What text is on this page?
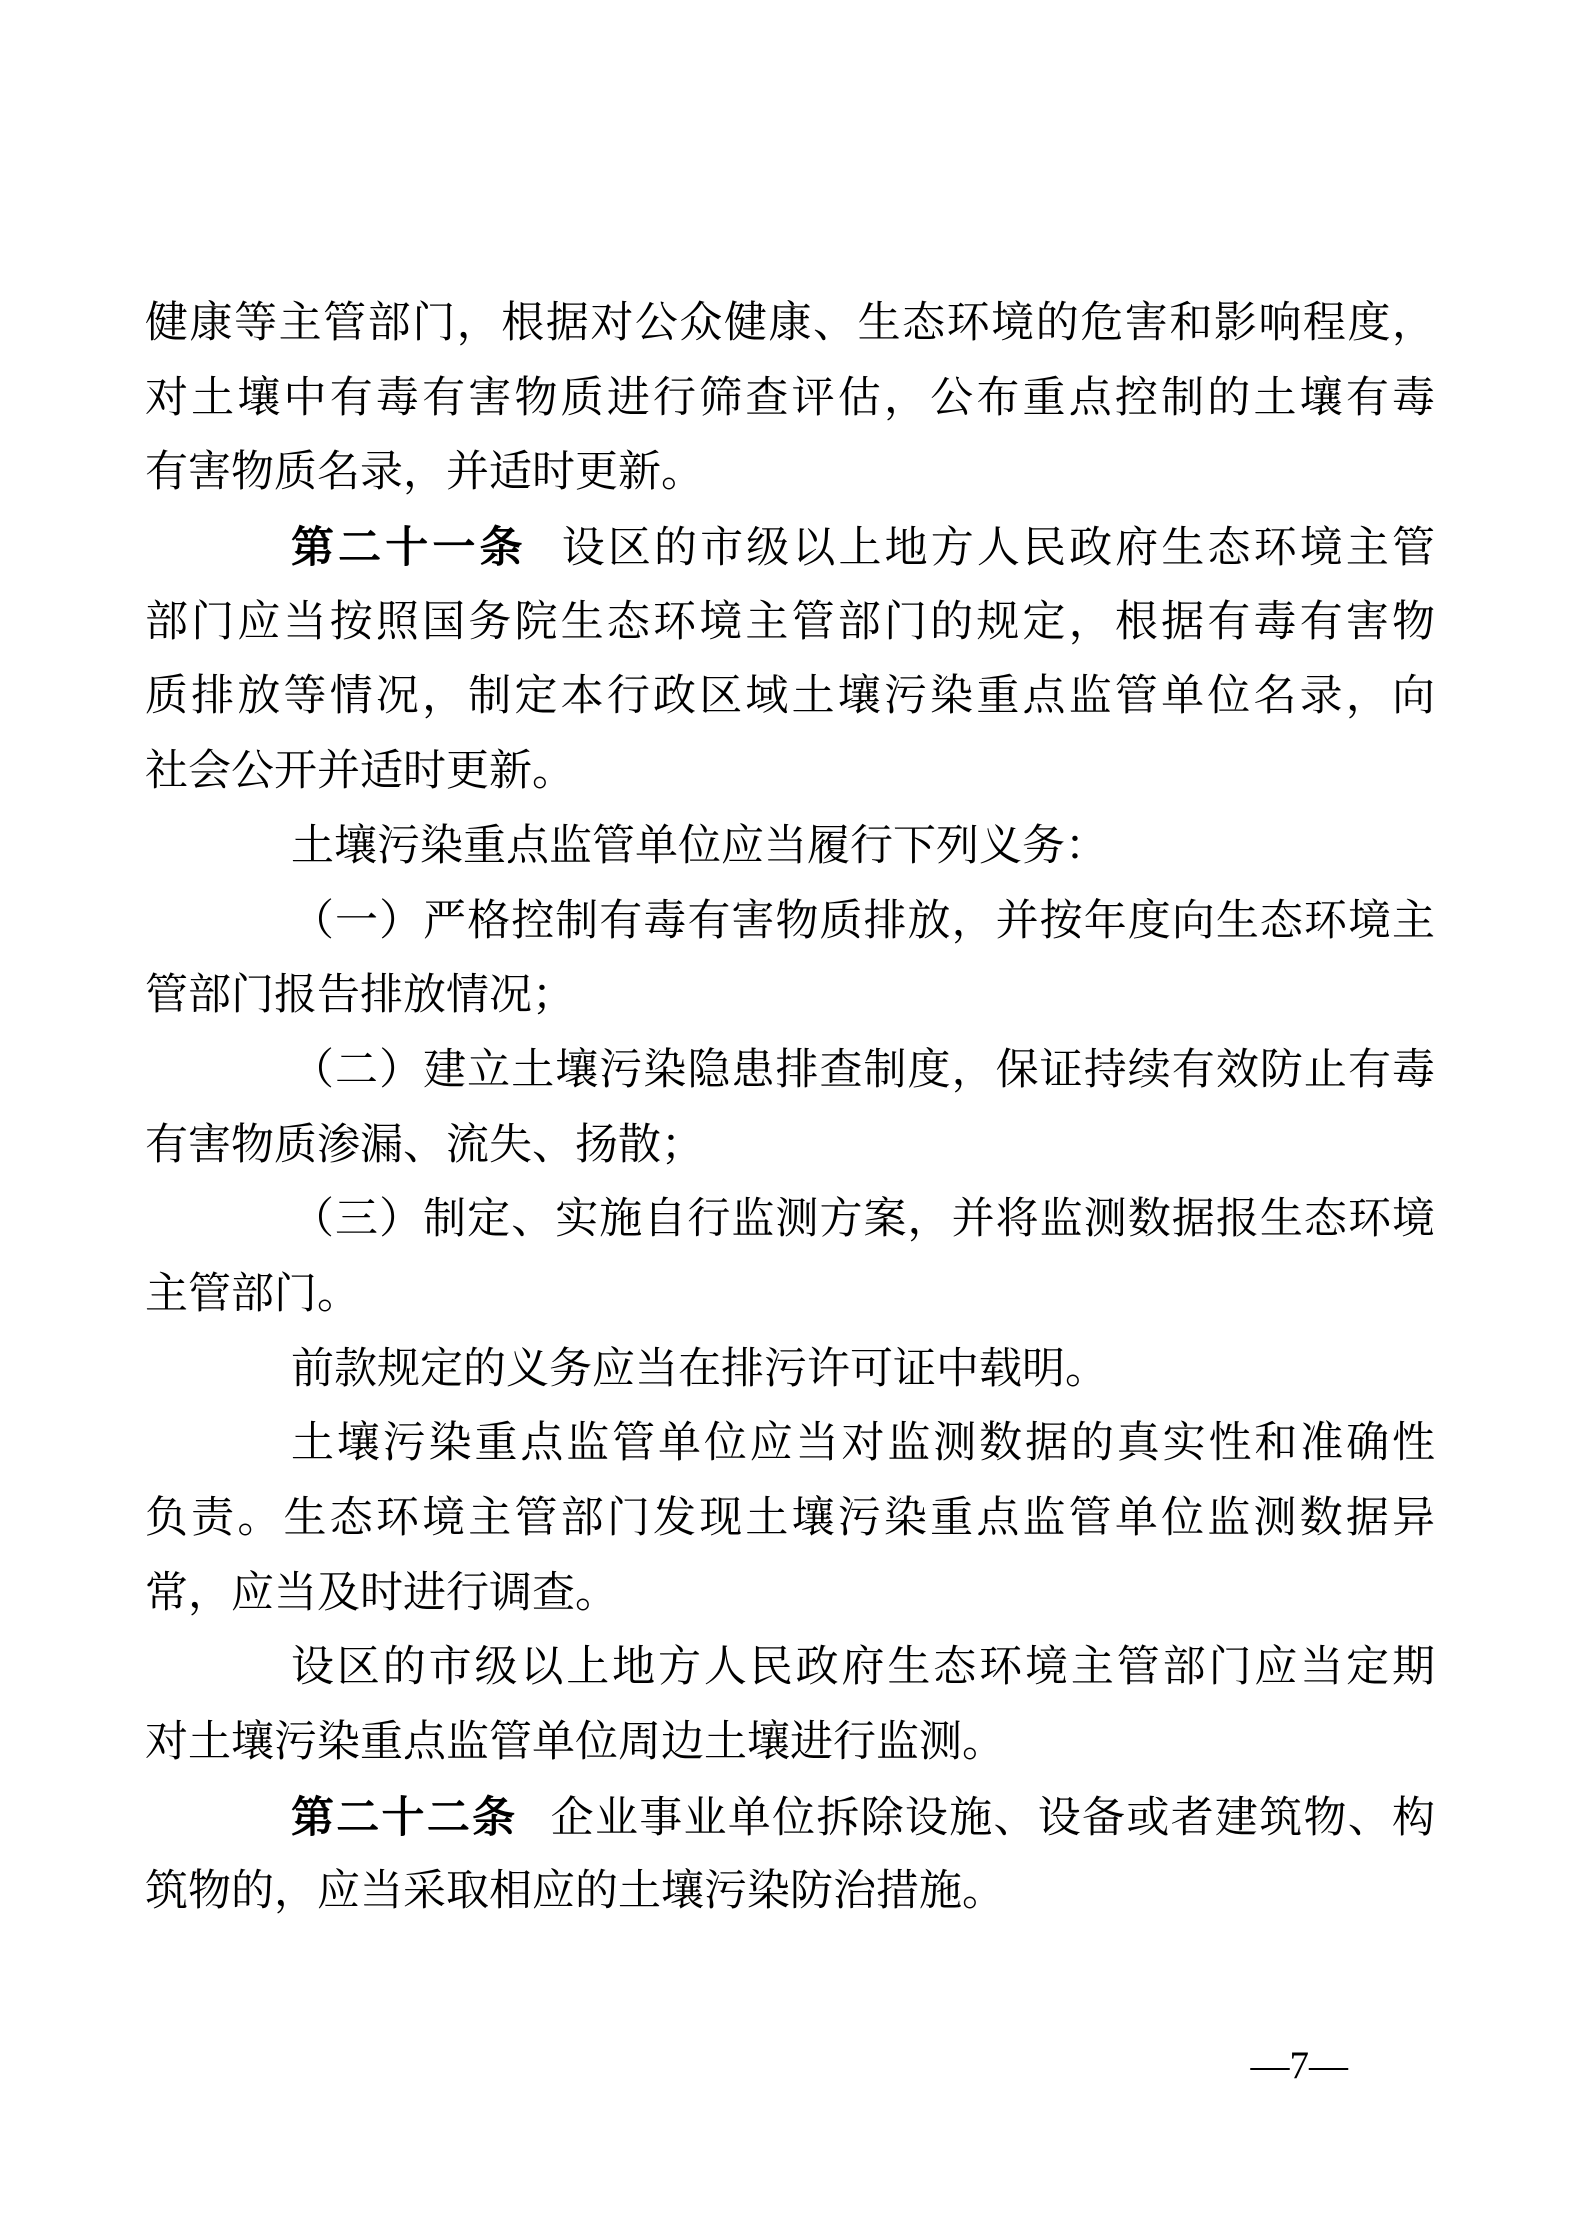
健康等主管部门，根据对公众健康、生态环境的危害和影响程度，
对土壤中有毒有害物质进行筛查评估，公布重点控制的土壤有毒
有害物质名录，并适时更新。
第二十一条 设区的市级以上地方人民政府生态环境主管
部门应当按照国务院生态环境主管部门的规定，根据有毒有害物
质排放等情况，制定本行政区域土壤污染重点监管单位名录，向
社会公开并适时更新。
土壤污染重点监管单位应当履行下列义务：
（一）严格控制有毒有害物质排放，并按年度向生态环境主
管部门报告排放情况；
（二）建立土壤污染隐患排查制度，保证持续有效防止有毒
有害物质渗漏、流失、扬散；
（三）制定、实施自行监测方案，并将监测数据报生态环境
主管部门。
前款规定的义务应当在排污许可证中载明。
土壤污染重点监管单位应当对监测数据的真实性和准确性
负责。生态环境主管部门发现土壤污染重点监管单位监测数据异
常，应当及时进行调查。
设区的市级以上地方人民政府生态环境主管部门应当定期
对土壤污染重点监管单位周边土壤进行监测。
第二十二条 企业事业单位拆除设施、设备或者建筑物、构
筑物的，应当采取相应的土壤污染防治措施。
—7—
